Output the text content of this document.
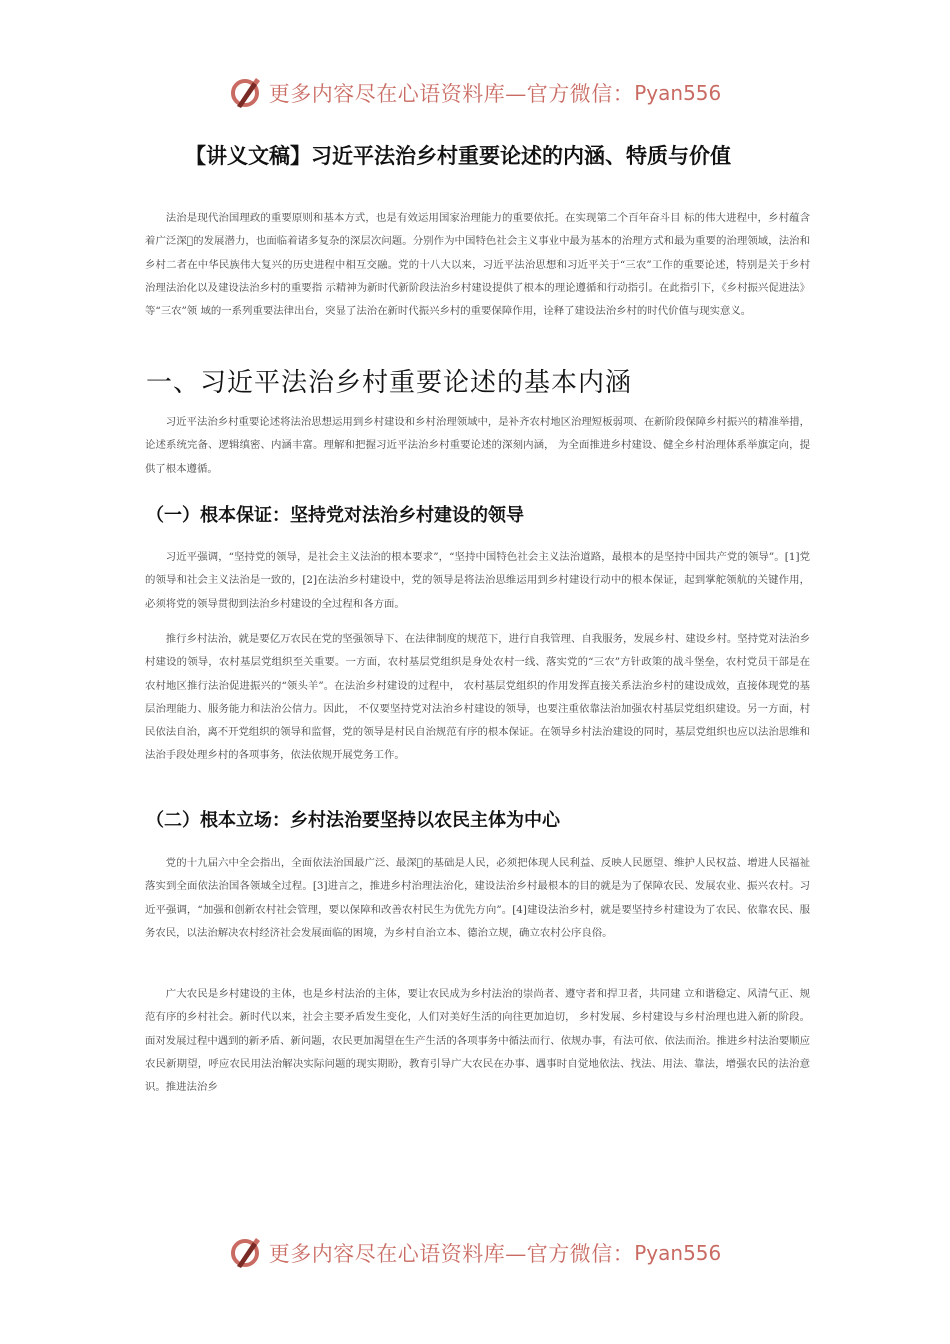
更多内容尽在心语资料库—官方微信： Pyan556
【讲义文稿】习近平法治乡村重要论述的内涵、特质与价值

法治是现代治国理政的重要原则和基本方式，也是有效运用国家治理能力的重要依托。在实现第二个百年奋斗目 标的伟大进程中，乡村蕴含着广泛深 的发展潜力，也面临着诸多复杂的深层次问题。分别作为中国特色社会主义事业中最为基本的治理方式和最为重要的治理领域，法治和乡村二者在中华民族伟大复兴的历史进程中相互交融。党的十八大以来，习近平法治思想和习近平关于“三农”工作的重要论述，特别是关于乡村治理法治化以及建设法治乡村的重要指 示精神为新时代新阶段法治乡村建设提供了根本的理论遵循和行动指引。在此指引下，《乡村振兴促进法》等“三农”领 域的一系列重要法律出台，突显了法治在新时代振兴乡村的重要保障作用，诠释了建设法治乡村的时代价值与现实意义。

一、习近平法治乡村重要论述的基本内涵

习近平法治乡村重要论述将法治思想运用到乡村建设和乡村治理领域中，是补齐农村地区治理短板弱项、在新阶段保障乡村振兴的精准举措，论述系统完备、逻辑缜密、内涵丰富。理解和把握习近平法治乡村重要论述的深刻内涵， 为全面推进乡村建设、健全乡村治理体系举旗定向，提供了根本遵循。

（一）根本保证：坚持党对法治乡村建设的领导

习近平强调，“坚持党的领导，是社会主义法治的根本要求”，“坚持中国特色社会主义法治道路，最根本的是坚持中国共产党的领导”。[1]党的领导和社会主义法治是一致的，[2]在法治乡村建设中，党的领导是将法治思维运用到乡村建设行动中的根本保证，起到掌舵领航的关键作用，必须将党的领导贯彻到法治乡村建设的全过程和各方面。

推行乡村法治，就是要亿万农民在党的坚强领导下、在法律制度的规范下，进行自我管理、自我服务，发展乡村、建设乡村。坚持党对法治乡村建设的领导，农村基层党组织至关重要。一方面，农村基层党组织是身处农村一线、落实党的“三农”方针政策的战斗堡垒，农村党员干部是在农村地区推行法治促进振兴的“领头羊”。在法治乡村建设的过程中， 农村基层党组织的作用发挥直接关系法治乡村的建设成效，直接体现党的基层治理能力、服务能力和法治公信力。因此， 不仅要坚持党对法治乡村建设的领导，也要注重依靠法治加强农村基层党组织建设。另一方面，村民依法自治，离不开党组织的领导和监督，党的领导是村民自治规范有序的根本保证。在领导乡村法治建设的同时，基层党组织也应以法治思维和法治手段处理乡村的各项事务，依法依规开展党务工作。

（二）根本立场：乡村法治要坚持以农民主体为中心

党的十九届六中全会指出，全面依法治国最广泛、最深 的基础是人民，必须把体现人民利益、反映人民愿望、维护人民权益、增进人民福祉落实到全面依法治国各领域全过程。[3]进言之，推进乡村治理法治化，建设法治乡村最根本的目的就是为了保障农民、发展农业、振兴农村。习近平强调，“加强和创新农村社会管理，要以保障和改善农村民生为优先方向”。[4]建设法治乡村，就是要坚持乡村建设为了农民、依靠农民、服务农民，以法治解决农村经济社会发展面临的困境，为乡村自治立本、德治立规，确立农村公序良俗。

广大农民是乡村建设的主体，也是乡村法治的主体，要让农民成为乡村法治的崇尚者、遵守者和捍卫者，共同建 立和谐稳定、风清气正、规范有序的乡村社会。新时代以来，社会主要矛盾发生变化，人们对美好生活的向往更加迫切， 乡村发展、乡村建设与乡村治理也进入新的阶段。面对发展过程中遇到的新矛盾、新问题，农民更加渴望在生产生活的各项事务中循法而行、依规办事，有法可依、依法而治。推进乡村法治要顺应农民新期望，呼应农民用法治解决实际问题的现实期盼，教育引导广大农民在办事、遇事时自觉地依法、找法、用法、靠法，增强农民的法治意识。推进法治乡

更多内容尽在心语资料库—官方微信： Pyan556
